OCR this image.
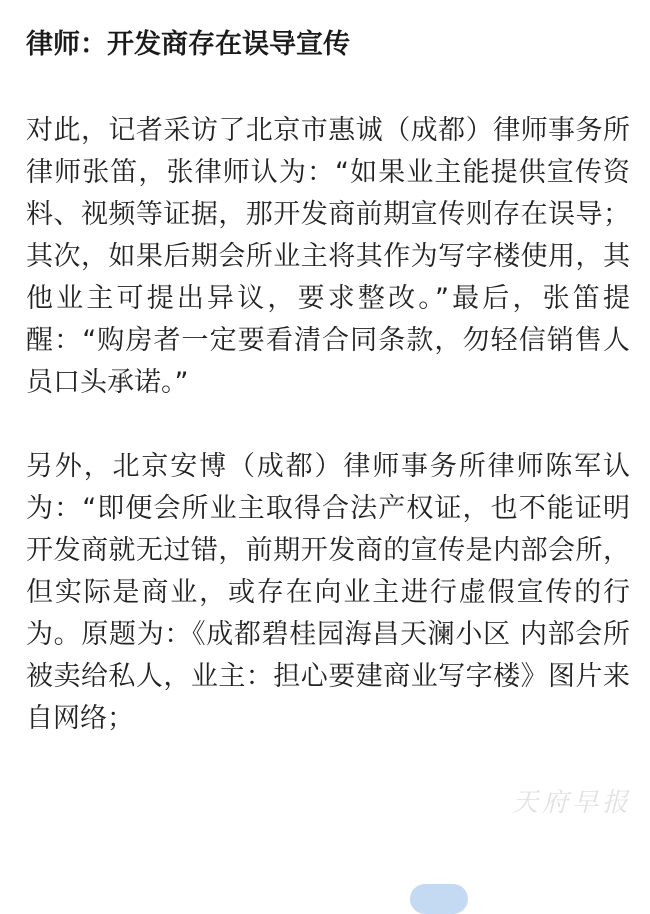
律师：开发商存在误导宣传

对此，记者采访了北京市惠诚（成都）律师事务所律师张笛，张律师认为：“如果业主能提供宣传资料、视频等证据，那开发商前期宣传则存在误导；其次，如果后期会所业主将其作为写字楼使用，其他业主可提出异议，要求整改。”最后，张笛提醒：“购房者一定要看清合同条款，勿轻信销售人员口头承诺。”

另外，北京安博（成都）律师事务所律师陈军认为：“即便会所业主取得合法产权证，也不能证明开发商就无过错，前期开发商的宣传是内部会所，但实际是商业，或存在向业主进行虚假宣传的行为。原题为：《成都碧桂园海昌天澜小区 内部会所被卖给私人，业主：担心要建商业写字楼》图片来自网络；

天府早报
